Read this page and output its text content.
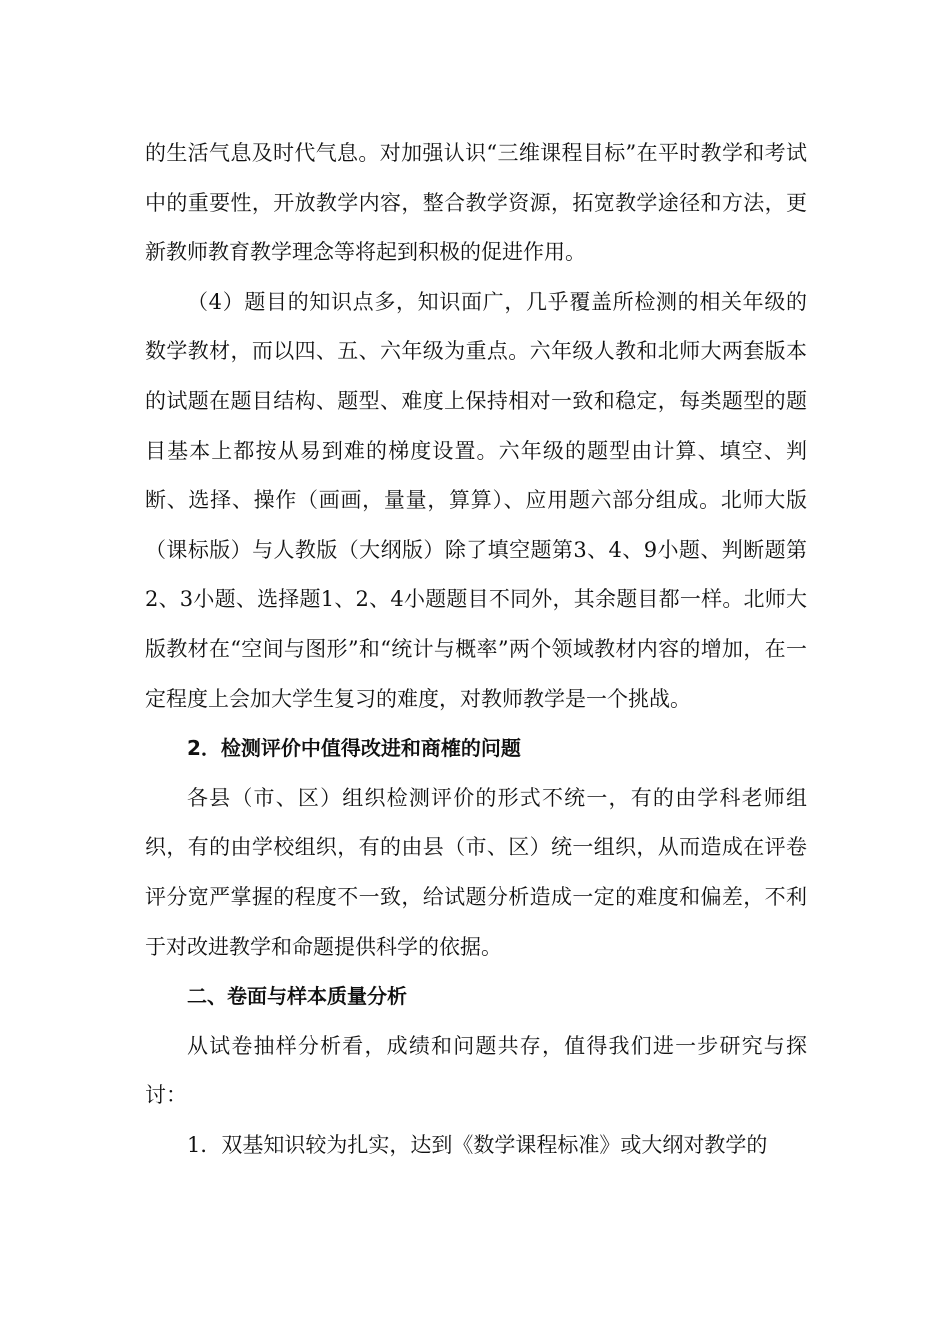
的生活气息及时代气息。对加强认识“三维课程目标”在平时教学和考试中的重要性，开放教学内容，整合教学资源，拓宽教学途径和方法，更新教师教育教学理念等将起到积极的促进作用。

（4）题目的知识点多，知识面广，几乎覆盖所检测的相关年级的数学教材，而以四、五、六年级为重点。六年级人教和北师大两套版本的试题在题目结构、题型、难度上保持相对一致和稳定，每类题型的题目基本上都按从易到难的梯度设置。六年级的题型由计算、填空、判断、选择、操作（画画，量量，算算）、应用题六部分组成。北师大版（课标版）与人教版（大纲版）除了填空题第3、4、9小题、判断题第2、3小题、选择题1、2、4小题题目不同外，其余题目都一样。北师大版教材在“空间与图形”和“统计与概率”两个领域教材内容的增加，在一定程度上会加大学生复习的难度，对教师教学是一个挑战。

2．检测评价中值得改进和商榷的问题

各县（市、区）组织检测评价的形式不统一，有的由学科老师组织，有的由学校组织，有的由县（市、区）统一组织，从而造成在评卷评分宽严掌握的程度不一致，给试题分析造成一定的难度和偏差，不利于对改进教学和命题提供科学的依据。

二、卷面与样本质量分析

从试卷抽样分析看，成绩和问题共存，值得我们进一步研究与探讨：

1．双基知识较为扎实，达到《数学课程标准》或大纲对教学的
